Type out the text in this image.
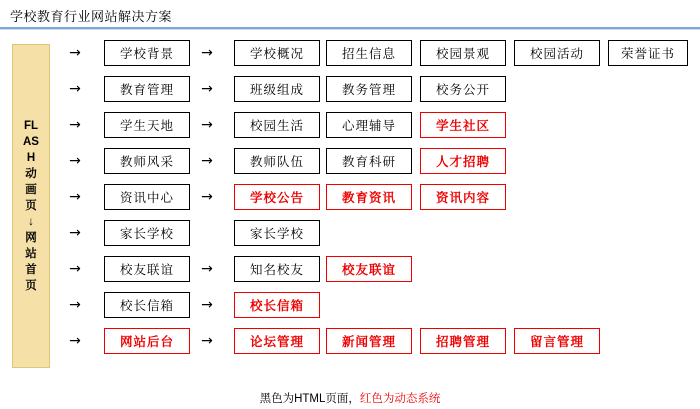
学校教育行业网站解决方案
FLASH动画页↓网站首页
→	学校背景	→	学校概况	招生信息	校园景观	校园活动	荣誉证书
→	教育管理	→	班级组成	教务管理	校务公开
→	学生天地	→	校园生活	心理辅导	学生社区
→	教师风采	→	教师队伍	教育科研	人才招聘
→	资讯中心	→	学校公告	教育资讯	资讯内容
→	家长学校	家长学校
→	校友联谊	→	知名校友	校友联谊
→	校长信箱	→	校长信箱
→	网站后台	→	论坛管理	新闻管理	招聘管理	留言管理
黑色为HTML页面，红色为动态系统
